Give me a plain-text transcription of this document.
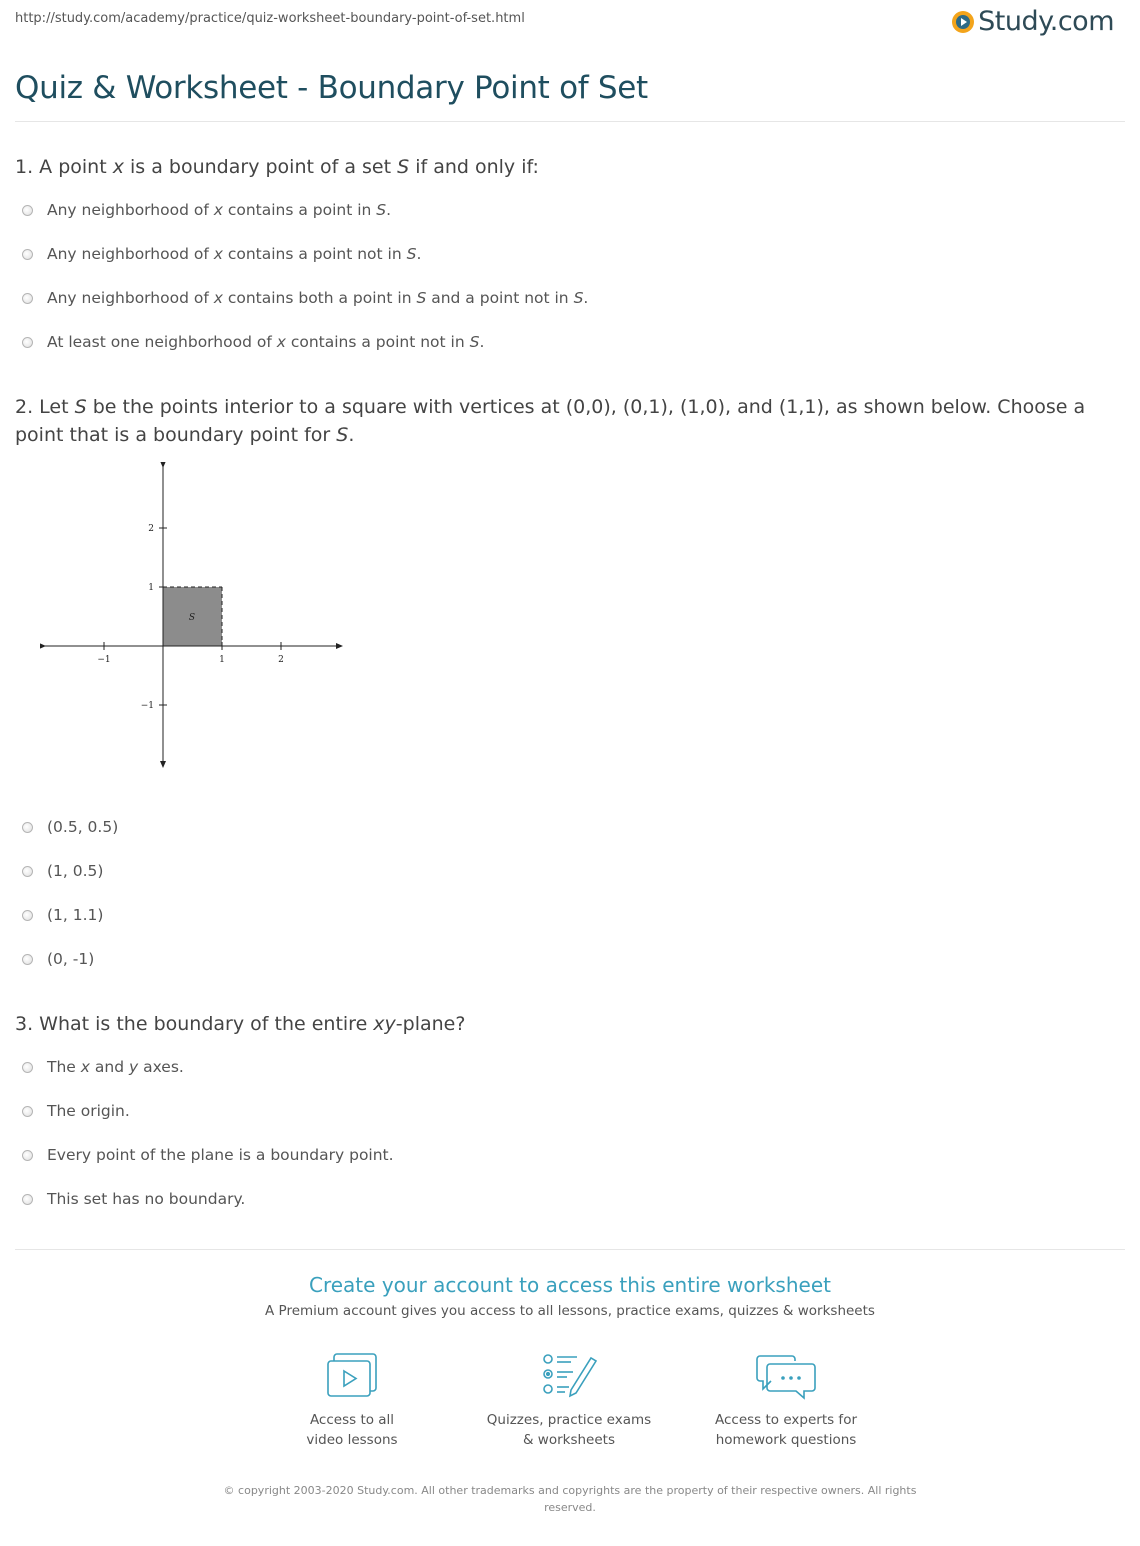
http://study.com/academy/practice/quiz-worksheet-boundary-point-of-set.html	Study.com
Quiz & Worksheet - Boundary Point of Set
1. A point x is a boundary point of a set S if and only if:
Any neighborhood of x contains a point in S.
Any neighborhood of x contains a point not in S.
Any neighborhood of x contains both a point in S and a point not in S.
At least one neighborhood of x contains a point not in S.
2. Let S be the points interior to a square with vertices at (0,0), (0,1), (1,0), and (1,1), as shown below. Choose a point that is a boundary point for S.
−1	1	2
2
1
−1
S
(0.5, 0.5)
(1, 0.5)
(1, 1.1)
(0, -1)
3. What is the boundary of the entire xy-plane?
The x and y axes.
The origin.
Every point of the plane is a boundary point.
This set has no boundary.
Create your account to access this entire worksheet
A Premium account gives you access to all lessons, practice exams, quizzes & worksheets
Access to all
video lessons
Quizzes, practice exams
& worksheets
Access to experts for
homework questions
© copyright 2003-2020 Study.com. All other trademarks and copyrights are the property of their respective owners. All rights reserved.
